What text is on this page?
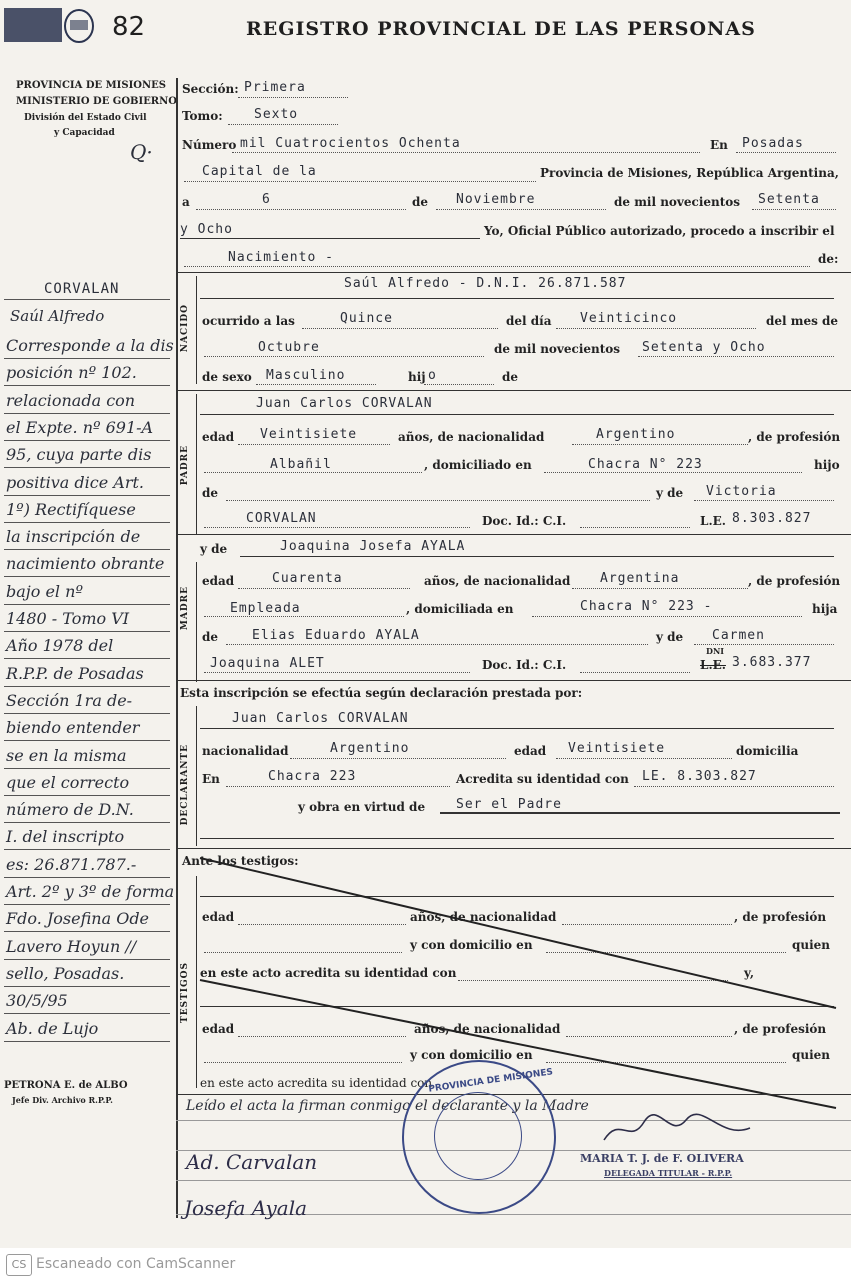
82	REGISTRO PROVINCIAL DE LAS PERSONAS
PROVINCIA DE MISIONES
MINISTERIO DE GOBIERNO
División del Estado Civil
y Capacidad
Q·
CORVALAN
Saúl Alfredo
Corresponde a la dis
posición nº 102.
relacionada con
el Expte. nº 691-A
95, cuya parte dis
positiva dice Art.
1º) Rectifíquese
la inscripción de
nacimiento obrante
bajo el nº
1480 - Tomo VI
Año 1978 del
R.P.P. de Posadas
Sección 1ra de-
biendo entender
se en la misma
que el correcto
número de D.N.
I. del inscripto
es: 26.871.787.-
Art. 2º y 3º de forma
Fdo. Josefina Ode
Lavero Hoyun //
sello, Posadas.
30/5/95
Ab. de Lujo
PETRONA E. de ALBO
Jefe Div. Archivo R.P.P.
Sección: Primera
Tomo: Sexto
Número mil Cuatrocientos Ochenta	En Posadas
Capital de la	Provincia de Misiones, República Argentina,
a	6	de Noviembre	de mil novecientos Setenta
y Ocho	Yo, Oficial Público autorizado, procedo a inscribir el
Nacimiento -	de:
NACIDO
Saúl Alfredo - D.N.I. 26.871.587
ocurrido a las	Quince	del día Veinticinco	del mes de
Octubre	de mil novecientos Setenta y Ocho
de sexo Masculino	hij o	de
PADRE
Juan Carlos CORVALAN
edad Veintisiete	años, de nacionalidad	Argentino	, de profesión
Albañil	, domiciliado en	Chacra N° 223	hijo
de	y de Victoria
CORVALAN	Doc. Id.: C.I.	L.E. 8.303.827
y de	Joaquina Josefa AYALA
MADRE
edad	Cuarenta	años, de nacionalidad Argentina	, de profesión
Empleada	, domiciliada en	Chacra N° 223 -	hija
de	Elias Eduardo AYALA	y de Carmen
Joaquina ALET	Doc. Id.: C.I.
DNI
L.E. 3.683.377
Esta inscripción se efectúa según declaración prestada por:
DECLARANTE
Juan Carlos CORVALAN
nacionalidad	Argentino	edad Veintisiete	domicilia
En	Chacra 223	Acredita su identidad con LE. 8.303.827
y obra en virtud de Ser el Padre
Ante los testigos:
TESTIGOS
edad	años, de nacionalidad	, de profesión
y con domicilio en	quien
en este acto acredita su identidad con	y,
edad	años, de nacionalidad	, de profesión
y con domicilio en	quien
en este acto acredita su identidad con
Leído el acta la firman conmigo el declarante y la Madre
Ad. Carvalan
Josefa Ayala
MARIA T. J. de F. OLIVERA
DELEGADA TITULAR - R.P.P.
PROVINCIA DE MISIONES
CS Escaneado con CamScanner
